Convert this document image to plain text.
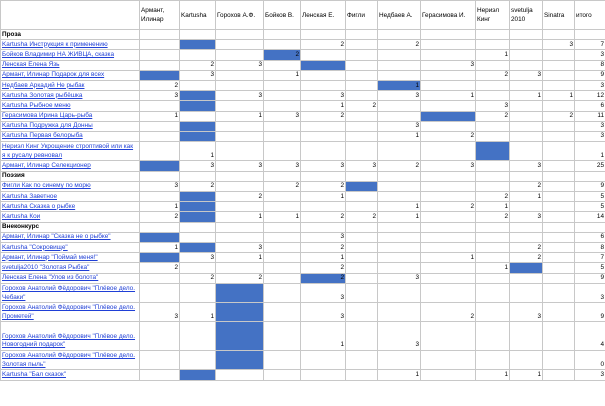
	Армант, Илинар	Kartusha	Горохов А.Ф.	Бойков В.	Ленская Е.	Фигли	Недбаев А.	Герасимова И.	Нериэл Кинг	svetulja 2010	Sinatra	итого
Проза												
Kartusha Инструкция к применению					2		2				3	7
Бойков Владимир НА ЖИВЦА, сказка				2					1			3
Ленская Елена Язь		2	3					3				8
Армант, Илинар Подарок для всех		3		1					2	3		9
Недбаев Аркадий Не рыбак	2						1					3
Kartusha Золотая рыбёшка	3		3		3		3	1		1	1	12
Kartusha Рыбное меню					1	2			3			6
Герасимова Ирина Царь-рыба	1		1	3	2				2		2	11
Kartusha Подружка для Донны							3					3
Kartusha Первая белорыба							1	2				3
Нериэл Кинг Укрощение строптивой или как я к русалу ревновал		1										1
Армант, Илинар Селекционер		3	3	3	3	3	2	3		3		25
Поэзия												
Фигли Как по синему по морю	3	2		2	2					2		9
Kartusha Заветное			2		1				2	1		5
Kartusha Сказка о рыбке	1						1	2	1			5
Kartusha Кои	2		1	1	2	2	1		2	3		14
Внеконкурс												
Армант, Илинар "Сказка не о рыбке"					3							6
Kartusha "Сокровище"	1		3		2					2		8
Армант, Илинар "Поймай меня!"		3	1		1			1		2		7
svetulja2010 "Золотая Рыбка"	2				2				1			5
Ленская Елена "Улов из болота"		2	2		2		3					9
Горохов Анатолий Фёдорович "Плёвое дело. Чебаки"					3							3
Горохов Анатолий Фёдорович "Плёвое дело. Прометей"	3	1			3			2		3		9
Горохов Анатолий Фёдорович "Плёвое дело. Новогодний подарок"					1		3					4
Горохов Анатолий Фёдорович "Плёвое дело. Золотая пыль"												0
Kartusha "Бал сказок"							1		1	1		3
